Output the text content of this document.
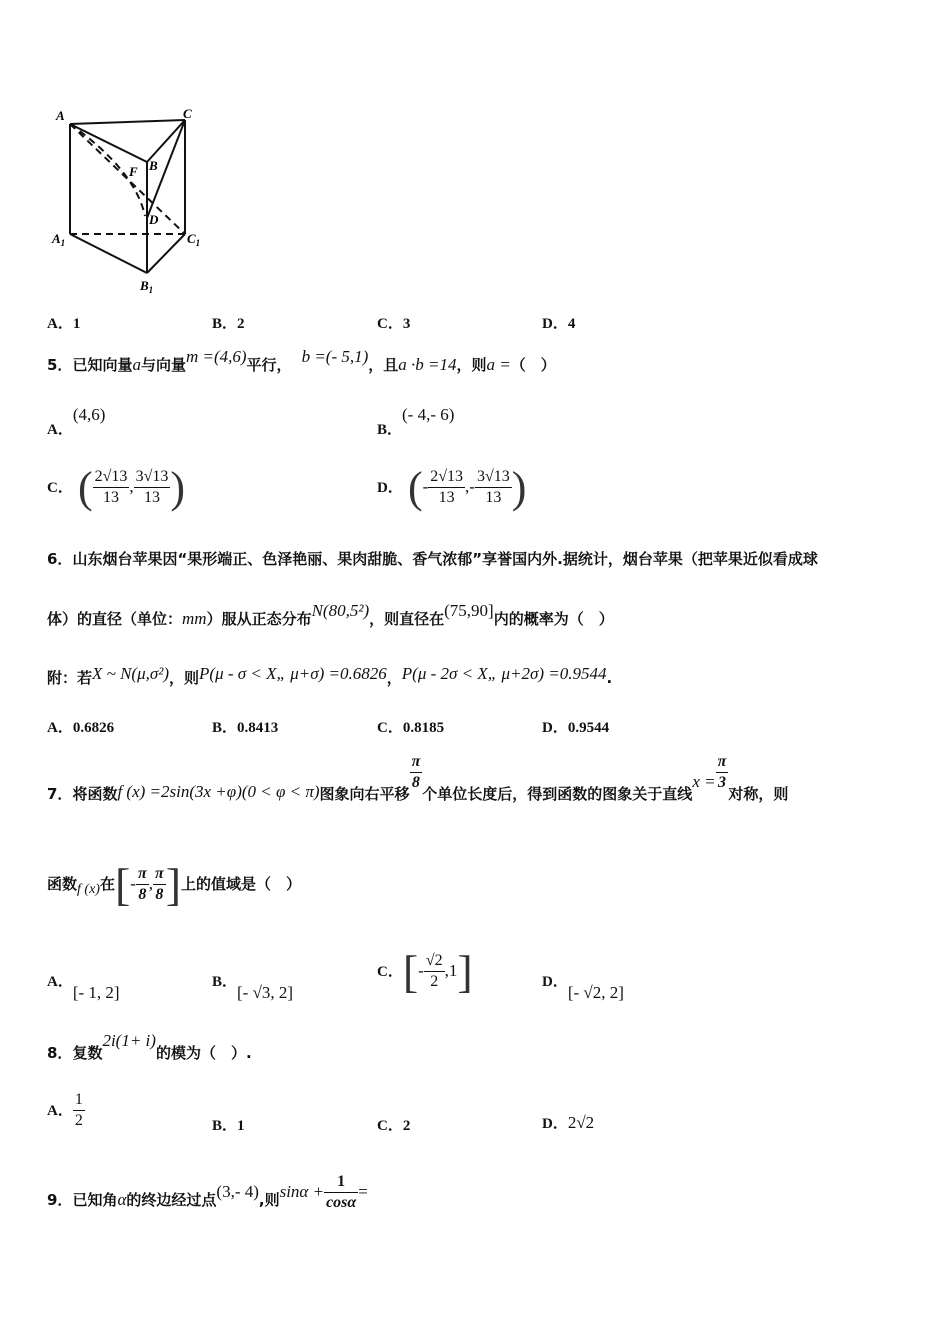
A	C
B
F
D
$A_1$	$C_1$
$B_1$
A．1	B．2	C．3	D．4
5．已知向量a与向量m =(4,6)平行， b =(- 5,1)，且a ·b =14，则a =（　）
A．(4,6)
B．(- 4,- 6)
C． ( $\frac{2√13}{13}$ , $\frac{3√13}{13}$ )	D． (- $\frac{2√13}{13}$ ,- $\frac{3√13}{13}$ )
6．山东烟台苹果因“果形端正、色泽艳丽、果肉甜脆、香气浓郁”享誉国内外.据统计，烟台苹果（把苹果近似看成球
体）的直径（单位：mm）服从正态分布N(80,5²)，则直径在(75,90]内的概率为（　）
附：若X ~ N(μ,σ²)，则P(μ - σ < X„ μ+σ) =0.6826，P(μ - 2σ < X„ μ+2σ) =0.9544.
A．0.6826	B．0.8413	C．0.8185	D．0.9544
7．将函数f (x) =2sin(3x +φ)(0 < φ < π)图象向右平移
$\frac{\pi}{8}$
个单位长度后，得到函数的图象关于直线$x = \frac{\pi}{3}$
对称，则
函数f (x)在[- $\frac{\pi}{8}$ , $\frac{\pi}{8}$ ]上的值域是（　）
A．[- 1, 2]
B．[- √3, 2]
C．[- $\frac{√2}{2} ,1$]	D．[- √2, 2]
8．复数2i(1+ i)的模为（　）.
A． $\frac{1}{2}$	B．1	C．2	D．2√2
9．已知角α的终边经过点(3,- 4),则$\sin\alpha + \frac{1}{\cos\alpha}$ =
